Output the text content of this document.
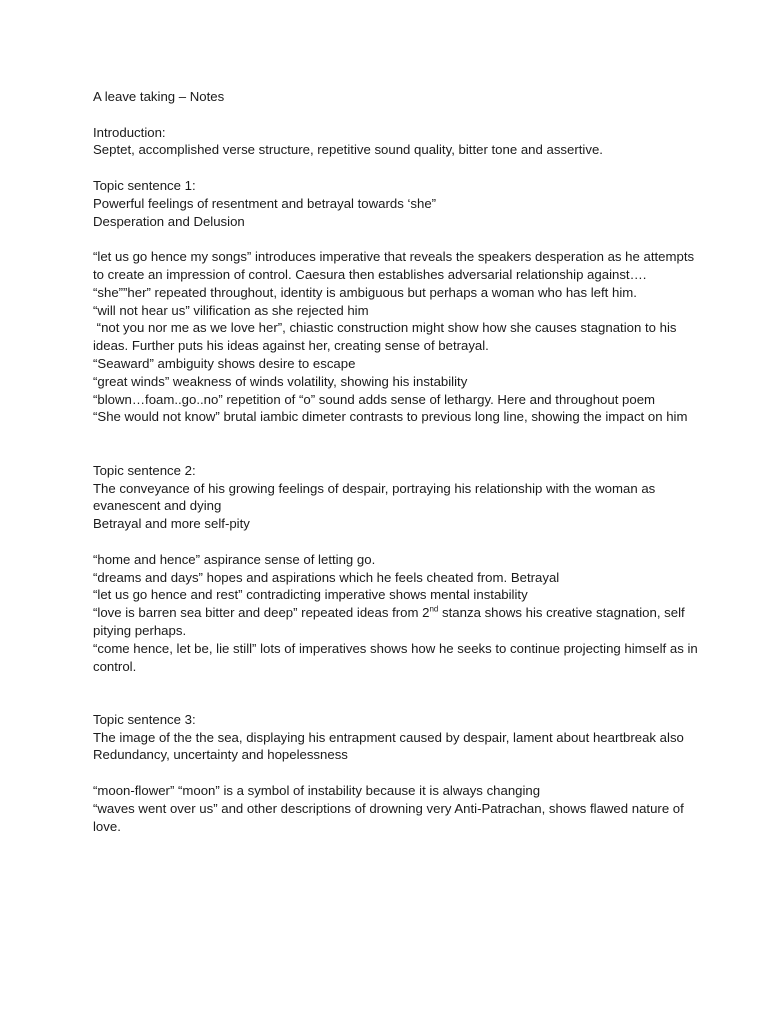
A leave taking – Notes
Introduction:
Septet, accomplished verse structure, repetitive sound quality, bitter tone and assertive.
Topic sentence 1:
Powerful feelings of resentment and betrayal towards ‘she”
Desperation and Delusion
“let us go hence my songs” introduces imperative that reveals the speakers desperation as he attempts to create an impression of control. Caesura then establishes adversarial relationship against….
“she””her” repeated throughout, identity is ambiguous but perhaps a woman who has left him.
“will not hear us” vilification as she rejected him
“not you nor me as we love her”, chiastic construction might show how she causes stagnation to his ideas. Further puts his ideas against her, creating sense of betrayal.
“Seaward” ambiguity shows desire to escape
“great winds” weakness of winds volatility, showing his instability
“blown…foam..go..no” repetition of “o” sound adds sense of lethargy. Here and throughout poem
“She would not know” brutal iambic dimeter contrasts to previous long line, showing the impact on him
Topic sentence 2:
The conveyance of his growing feelings of despair, portraying his relationship with the woman as evanescent and dying
Betrayal and more self-pity
“home and hence” aspirance sense of letting go.
“dreams and days” hopes and aspirations which he feels cheated from. Betrayal
“let us go hence and rest” contradicting imperative shows mental instability
“love is barren sea bitter and deep” repeated ideas from 2nd stanza shows his creative stagnation, self pitying perhaps.
“come hence, let be, lie still” lots of imperatives shows how he seeks to continue projecting himself as in control.
Topic sentence 3:
The image of the the sea, displaying his entrapment caused by despair, lament about heartbreak also
Redundancy, uncertainty and hopelessness
“moon-flower” “moon” is a symbol of instability because it is always changing
“waves went over us” and other descriptions of drowning very Anti-Patrachan, shows flawed nature of love.
